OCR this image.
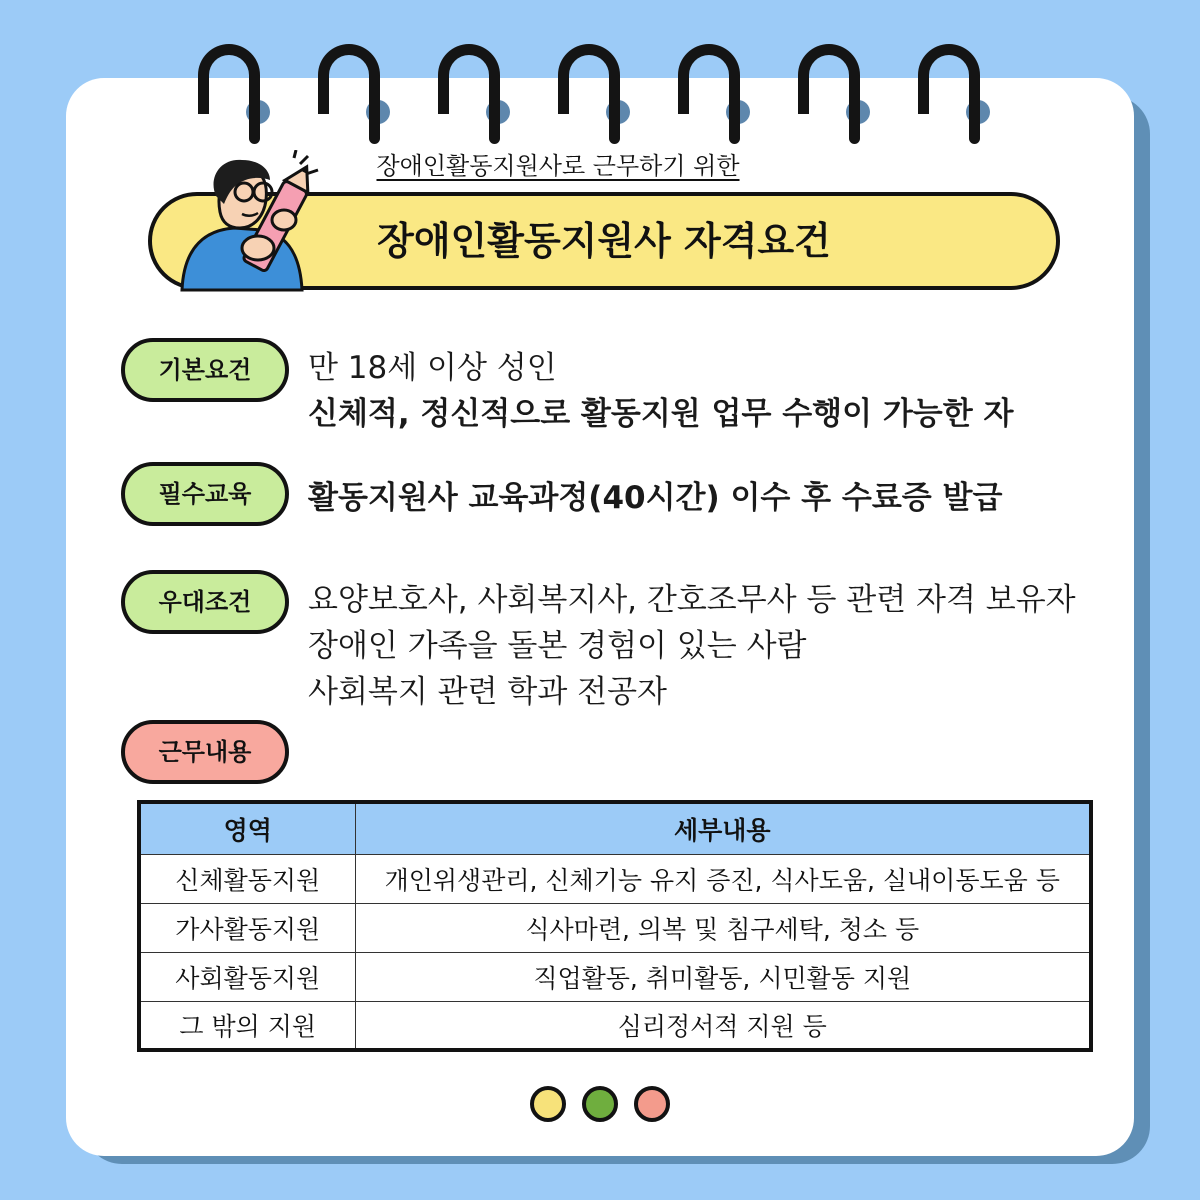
장애인활동지원사로 근무하기 위한
장애인활동지원사 자격요건
기본요건	만 18세 이상 성인
신체적, 정신적으로 활동지원 업무 수행이 가능한 자
필수교육	활동지원사 교육과정(40시간) 이수 후 수료증 발급
우대조건	요양보호사, 사회복지사, 간호조무사 등 관련 자격 보유자
장애인 가족을 돌본 경험이 있는 사람
사회복지 관련 학과 전공자
근무내용
영역	세부내용
신체활동지원	개인위생관리, 신체기능 유지 증진, 식사도움, 실내이동도움 등
가사활동지원	식사마련, 의복 및 침구세탁, 청소 등
사회활동지원	직업활동, 취미활동, 시민활동 지원
그 밖의 지원	심리정서적 지원 등
